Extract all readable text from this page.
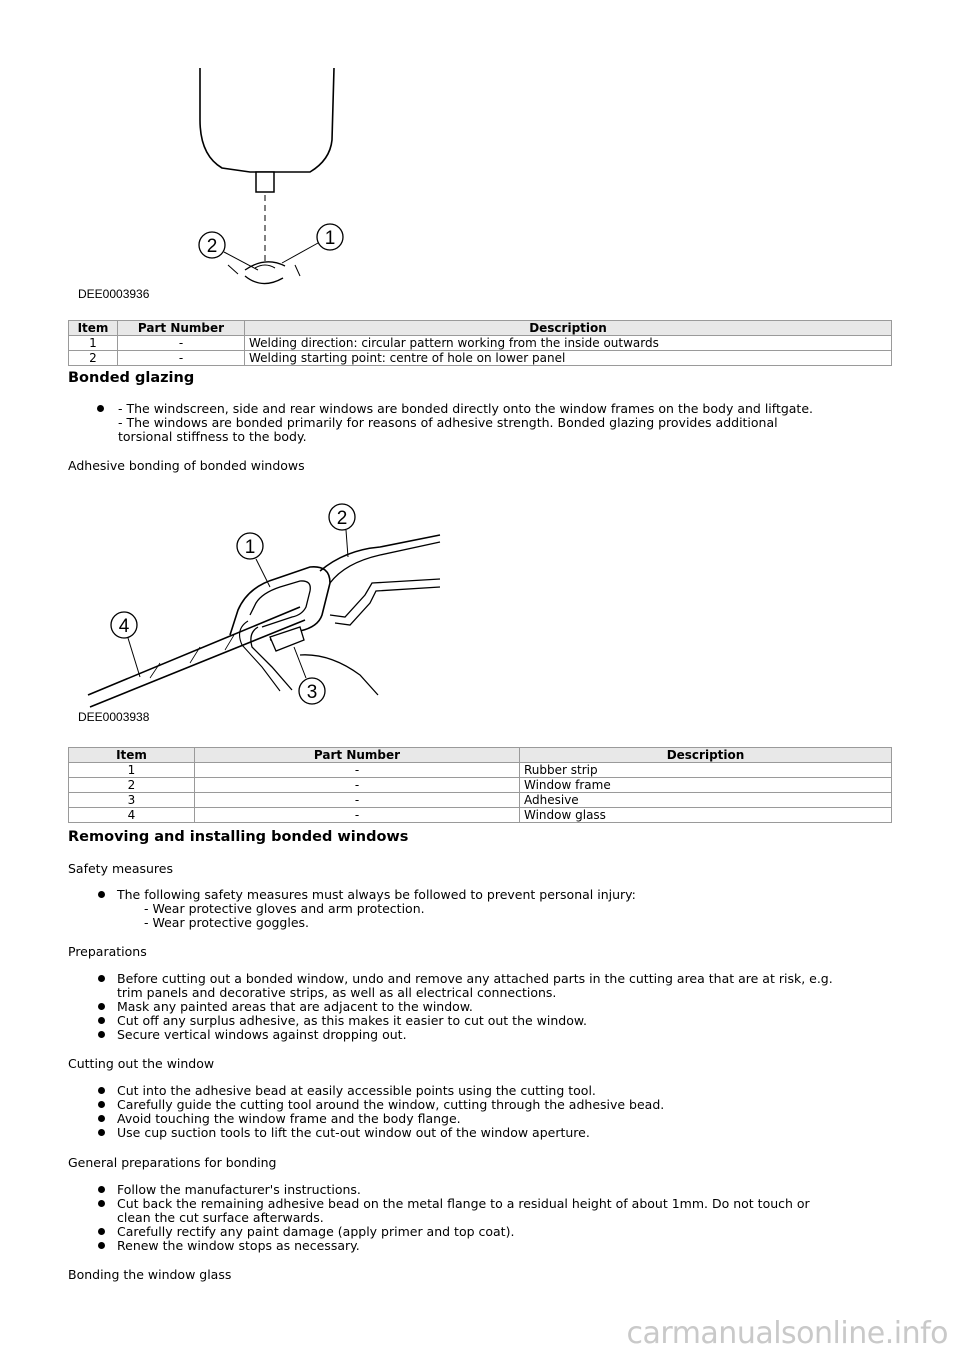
1
2
DEE0003936
Item	Part Number	Description
1	-	Welding direction: circular pattern working from the inside outwards
2	-	Welding starting point: centre of hole on lower panel
Bonded glazing
- The windscreen, side and rear windows are bonded directly onto the window frames on the body and liftgate.
- The windows are bonded primarily for reasons of adhesive strength. Bonded glazing provides additional
torsional stiffness to the body.

Adhesive bonding of bonded windows

1
2
3
4
DEE0003938
Item	Part Number	Description
1	-	Rubber strip
2	-	Window frame
3	-	Adhesive
4	-	Window glass
Removing and installing bonded windows

Safety measures

The following safety measures must always be followed to prevent personal injury:
- Wear protective gloves and arm protection.
- Wear protective goggles.

Preparations

Before cutting out a bonded window, undo and remove any attached parts in the cutting area that are at risk, e.g.
trim panels and decorative strips, as well as all electrical connections.
Mask any painted areas that are adjacent to the window.
Cut off any surplus adhesive, as this makes it easier to cut out the window.
Secure vertical windows against dropping out.

Cutting out the window

Cut into the adhesive bead at easily accessible points using the cutting tool.
Carefully guide the cutting tool around the window, cutting through the adhesive bead.
Avoid touching the window frame and the body flange.
Use cup suction tools to lift the cut-out window out of the window aperture.

General preparations for bonding

Follow the manufacturer's instructions.
Cut back the remaining adhesive bead on the metal flange to a residual height of about 1mm. Do not touch or
clean the cut surface afterwards.
Carefully rectify any paint damage (apply primer and top coat).
Renew the window stops as necessary.

Bonding the window glass

carmanualsonline.info
